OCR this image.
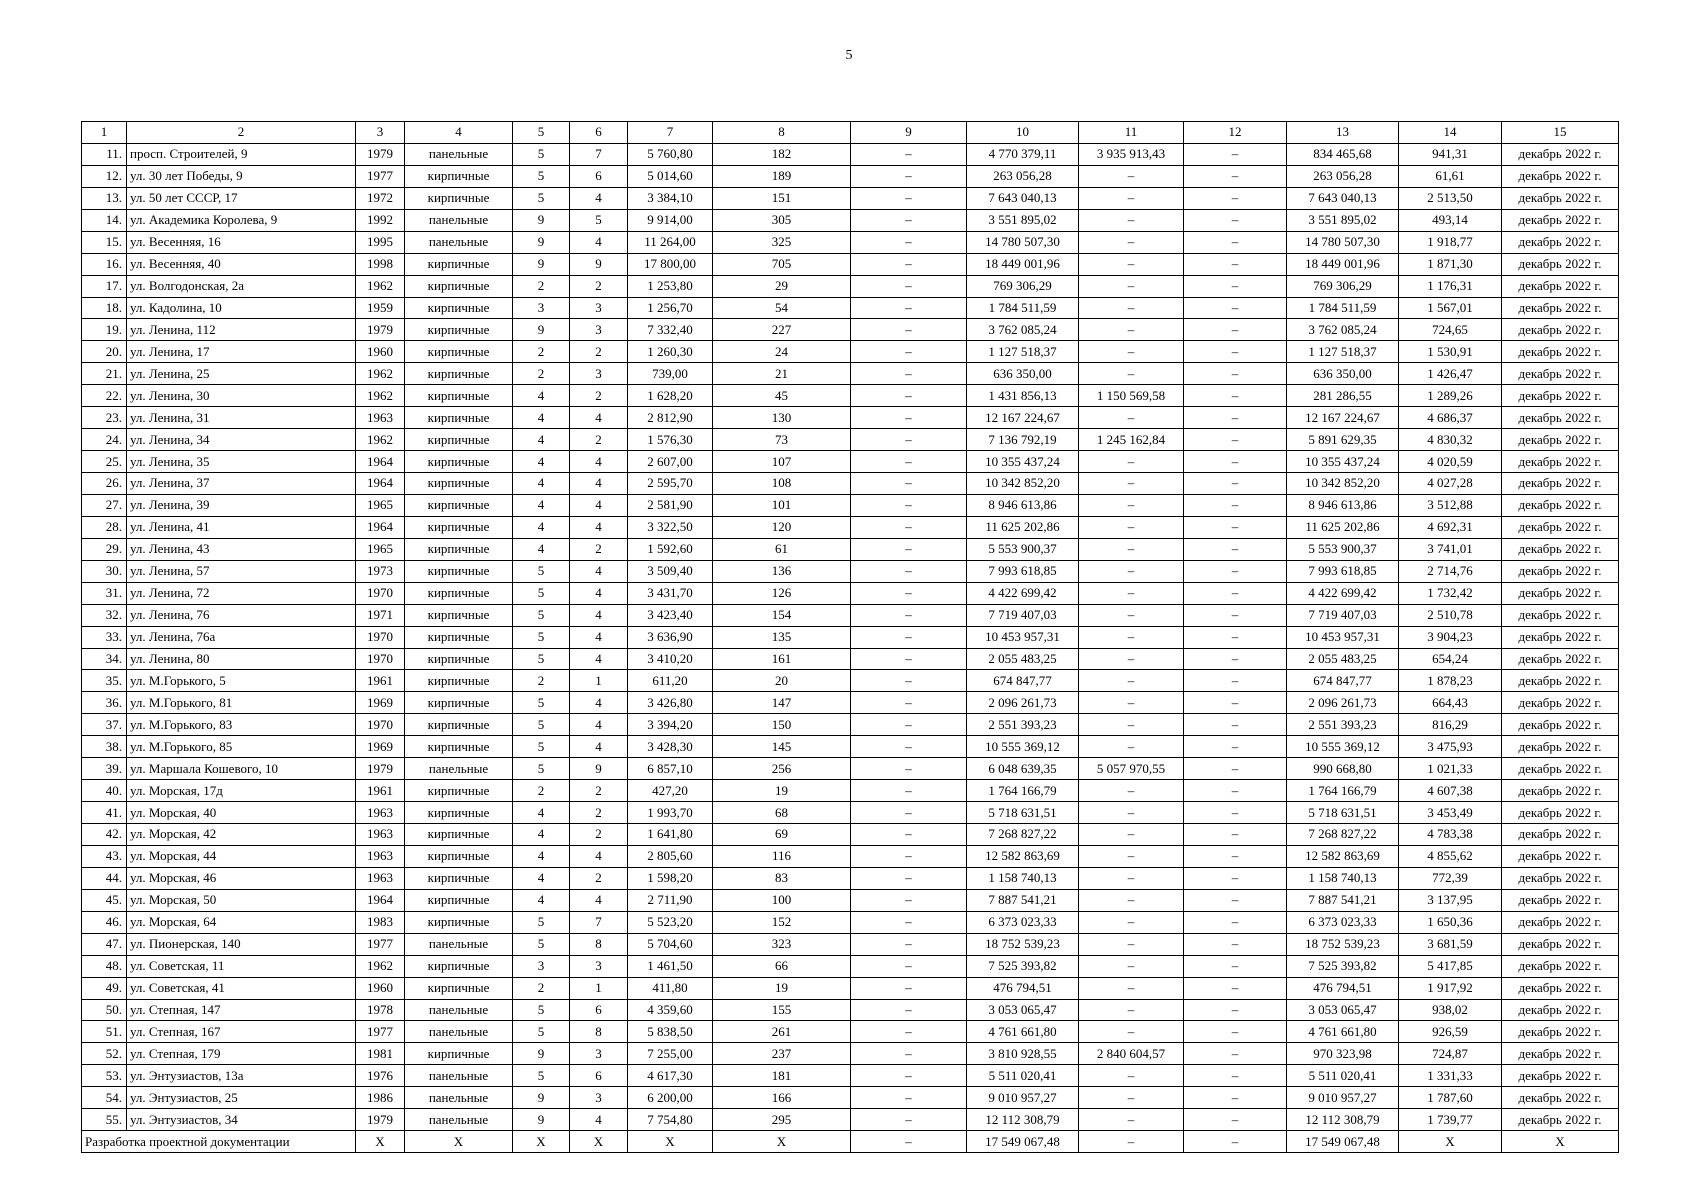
5
1	2	3	4	5	6	7	8	9	10	11	12	13	14	15
11.	просп. Строителей, 9	1979	панельные	5	7	5 760,80	182	–	4 770 379,11	3 935 913,43	–	834 465,68	941,31	декабрь 2022 г.
12.	ул. 30 лет Победы, 9	1977	кирпичные	5	6	5 014,60	189	–	263 056,28	–	–	263 056,28	61,61	декабрь 2022 г.
13.	ул. 50 лет СССР, 17	1972	кирпичные	5	4	3 384,10	151	–	7 643 040,13	–	–	7 643 040,13	2 513,50	декабрь 2022 г.
14.	ул. Академика Королева, 9	1992	панельные	9	5	9 914,00	305	–	3 551 895,02	–	–	3 551 895,02	493,14	декабрь 2022 г.
15.	ул. Весенняя, 16	1995	панельные	9	4	11 264,00	325	–	14 780 507,30	–	–	14 780 507,30	1 918,77	декабрь 2022 г.
16.	ул. Весенняя, 40	1998	кирпичные	9	9	17 800,00	705	–	18 449 001,96	–	–	18 449 001,96	1 871,30	декабрь 2022 г.
17.	ул. Волгодонская, 2а	1962	кирпичные	2	2	1 253,80	29	–	769 306,29	–	–	769 306,29	1 176,31	декабрь 2022 г.
18.	ул. Кадолина, 10	1959	кирпичные	3	3	1 256,70	54	–	1 784 511,59	–	–	1 784 511,59	1 567,01	декабрь 2022 г.
19.	ул. Ленина, 112	1979	кирпичные	9	3	7 332,40	227	–	3 762 085,24	–	–	3 762 085,24	724,65	декабрь 2022 г.
20.	ул. Ленина, 17	1960	кирпичные	2	2	1 260,30	24	–	1 127 518,37	–	–	1 127 518,37	1 530,91	декабрь 2022 г.
21.	ул. Ленина, 25	1962	кирпичные	2	3	739,00	21	–	636 350,00	–	–	636 350,00	1 426,47	декабрь 2022 г.
22.	ул. Ленина, 30	1962	кирпичные	4	2	1 628,20	45	–	1 431 856,13	1 150 569,58	–	281 286,55	1 289,26	декабрь 2022 г.
23.	ул. Ленина, 31	1963	кирпичные	4	4	2 812,90	130	–	12 167 224,67	–	–	12 167 224,67	4 686,37	декабрь 2022 г.
24.	ул. Ленина, 34	1962	кирпичные	4	2	1 576,30	73	–	7 136 792,19	1 245 162,84	–	5 891 629,35	4 830,32	декабрь 2022 г.
25.	ул. Ленина, 35	1964	кирпичные	4	4	2 607,00	107	–	10 355 437,24	–	–	10 355 437,24	4 020,59	декабрь 2022 г.
26.	ул. Ленина, 37	1964	кирпичные	4	4	2 595,70	108	–	10 342 852,20	–	–	10 342 852,20	4 027,28	декабрь 2022 г.
27.	ул. Ленина, 39	1965	кирпичные	4	4	2 581,90	101	–	8 946 613,86	–	–	8 946 613,86	3 512,88	декабрь 2022 г.
28.	ул. Ленина, 41	1964	кирпичные	4	4	3 322,50	120	–	11 625 202,86	–	–	11 625 202,86	4 692,31	декабрь 2022 г.
29.	ул. Ленина, 43	1965	кирпичные	4	2	1 592,60	61	–	5 553 900,37	–	–	5 553 900,37	3 741,01	декабрь 2022 г.
30.	ул. Ленина, 57	1973	кирпичные	5	4	3 509,40	136	–	7 993 618,85	–	–	7 993 618,85	2 714,76	декабрь 2022 г.
31.	ул. Ленина, 72	1970	кирпичные	5	4	3 431,70	126	–	4 422 699,42	–	–	4 422 699,42	1 732,42	декабрь 2022 г.
32.	ул. Ленина, 76	1971	кирпичные	5	4	3 423,40	154	–	7 719 407,03	–	–	7 719 407,03	2 510,78	декабрь 2022 г.
33.	ул. Ленина, 76а	1970	кирпичные	5	4	3 636,90	135	–	10 453 957,31	–	–	10 453 957,31	3 904,23	декабрь 2022 г.
34.	ул. Ленина, 80	1970	кирпичные	5	4	3 410,20	161	–	2 055 483,25	–	–	2 055 483,25	654,24	декабрь 2022 г.
35.	ул. М.Горького, 5	1961	кирпичные	2	1	611,20	20	–	674 847,77	–	–	674 847,77	1 878,23	декабрь 2022 г.
36.	ул. М.Горького, 81	1969	кирпичные	5	4	3 426,80	147	–	2 096 261,73	–	–	2 096 261,73	664,43	декабрь 2022 г.
37.	ул. М.Горького, 83	1970	кирпичные	5	4	3 394,20	150	–	2 551 393,23	–	–	2 551 393,23	816,29	декабрь 2022 г.
38.	ул. М.Горького, 85	1969	кирпичные	5	4	3 428,30	145	–	10 555 369,12	–	–	10 555 369,12	3 475,93	декабрь 2022 г.
39.	ул. Маршала Кошевого, 10	1979	панельные	5	9	6 857,10	256	–	6 048 639,35	5 057 970,55	–	990 668,80	1 021,33	декабрь 2022 г.
40.	ул. Морская, 17д	1961	кирпичные	2	2	427,20	19	–	1 764 166,79	–	–	1 764 166,79	4 607,38	декабрь 2022 г.
41.	ул. Морская, 40	1963	кирпичные	4	2	1 993,70	68	–	5 718 631,51	–	–	5 718 631,51	3 453,49	декабрь 2022 г.
42.	ул. Морская, 42	1963	кирпичные	4	2	1 641,80	69	–	7 268 827,22	–	–	7 268 827,22	4 783,38	декабрь 2022 г.
43.	ул. Морская, 44	1963	кирпичные	4	4	2 805,60	116	–	12 582 863,69	–	–	12 582 863,69	4 855,62	декабрь 2022 г.
44.	ул. Морская, 46	1963	кирпичные	4	2	1 598,20	83	–	1 158 740,13	–	–	1 158 740,13	772,39	декабрь 2022 г.
45.	ул. Морская, 50	1964	кирпичные	4	4	2 711,90	100	–	7 887 541,21	–	–	7 887 541,21	3 137,95	декабрь 2022 г.
46.	ул. Морская, 64	1983	кирпичные	5	7	5 523,20	152	–	6 373 023,33	–	–	6 373 023,33	1 650,36	декабрь 2022 г.
47.	ул. Пионерская, 140	1977	панельные	5	8	5 704,60	323	–	18 752 539,23	–	–	18 752 539,23	3 681,59	декабрь 2022 г.
48.	ул. Советская, 11	1962	кирпичные	3	3	1 461,50	66	–	7 525 393,82	–	–	7 525 393,82	5 417,85	декабрь 2022 г.
49.	ул. Советская, 41	1960	кирпичные	2	1	411,80	19	–	476 794,51	–	–	476 794,51	1 917,92	декабрь 2022 г.
50.	ул. Степная, 147	1978	панельные	5	6	4 359,60	155	–	3 053 065,47	–	–	3 053 065,47	938,02	декабрь 2022 г.
51.	ул. Степная, 167	1977	панельные	5	8	5 838,50	261	–	4 761 661,80	–	–	4 761 661,80	926,59	декабрь 2022 г.
52.	ул. Степная, 179	1981	кирпичные	9	3	7 255,00	237	–	3 810 928,55	2 840 604,57	–	970 323,98	724,87	декабрь 2022 г.
53.	ул. Энтузиастов, 13а	1976	панельные	5	6	4 617,30	181	–	5 511 020,41	–	–	5 511 020,41	1 331,33	декабрь 2022 г.
54.	ул. Энтузиастов, 25	1986	панельные	9	3	6 200,00	166	–	9 010 957,27	–	–	9 010 957,27	1 787,60	декабрь 2022 г.
55.	ул. Энтузиастов, 34	1979	панельные	9	4	7 754,80	295	–	12 112 308,79	–	–	12 112 308,79	1 739,77	декабрь 2022 г.
Разработка проектной документации		X	X	X	X	X	X	–	17 549 067,48	–	–	17 549 067,48	X	X
